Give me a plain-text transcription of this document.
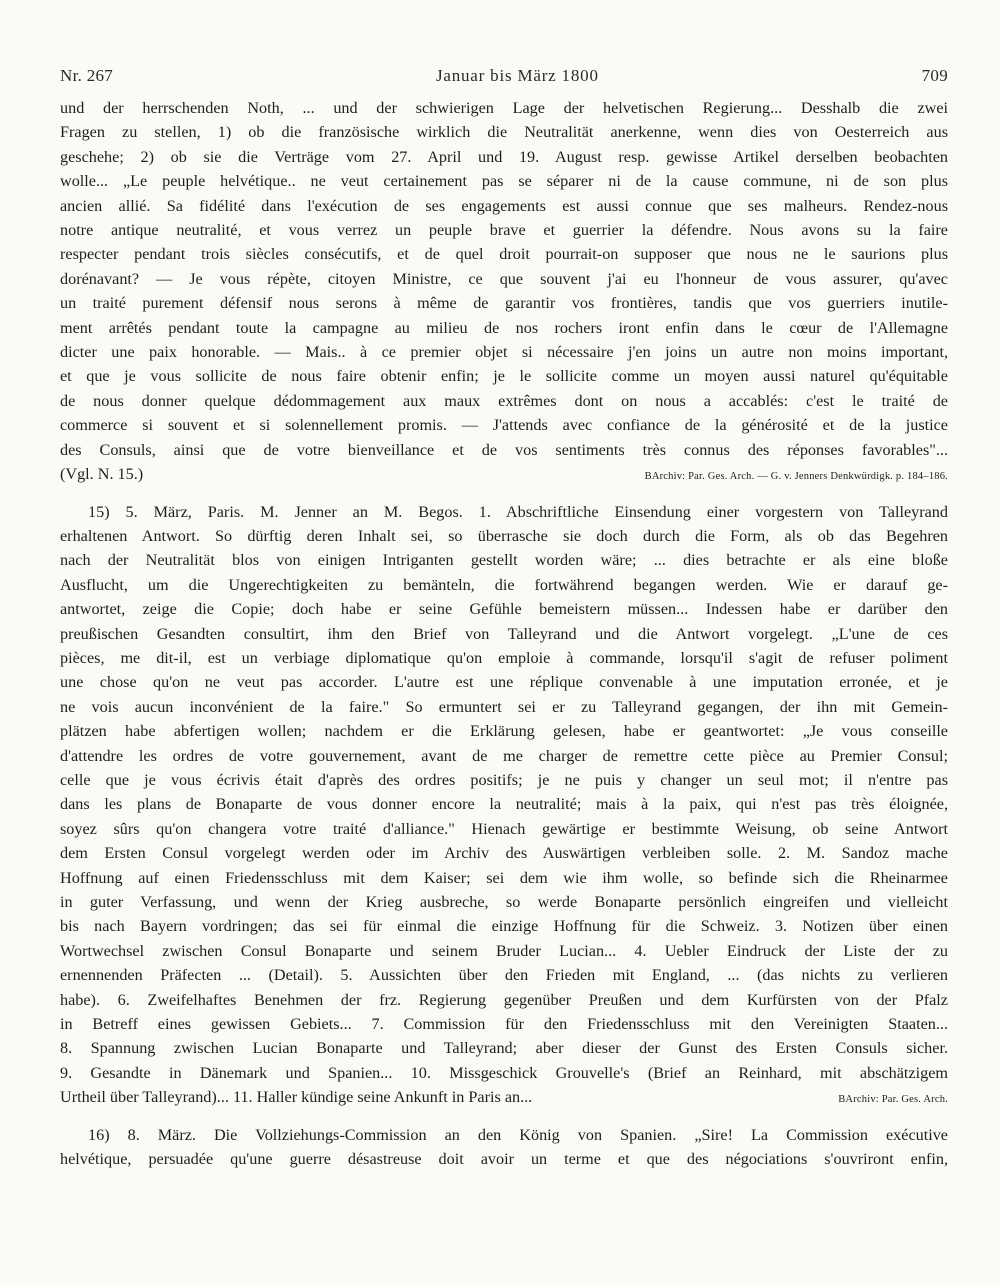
Nr. 267	Januar bis März 1800	709
und der herrschenden Noth, ... und der schwierigen Lage der helvetischen Regierung... Desshalb die zwei
Fragen zu stellen, 1) ob die französische wirklich die Neutralität anerkenne, wenn dies von Oesterreich aus
geschehe; 2) ob sie die Verträge vom 27. April und 19. August resp. gewisse Artikel derselben beobachten
wolle... „Le peuple helvétique.. ne veut certainement pas se séparer ni de la cause commune, ni de son plus
ancien allié. Sa fidélité dans l'exécution de ses engagements est aussi connue que ses malheurs. Rendez-nous
notre antique neutralité, et vous verrez un peuple brave et guerrier la défendre. Nous avons su la faire
respecter pendant trois siècles consécutifs, et de quel droit pourrait-on supposer que nous ne le saurions plus
dorénavant? — Je vous répète, citoyen Ministre, ce que souvent j'ai eu l'honneur de vous assurer, qu'avec
un traité purement défensif nous serons à même de garantir vos frontières, tandis que vos guerriers inutile-
ment arrêtés pendant toute la campagne au milieu de nos rochers iront enfin dans le cœur de l'Allemagne
dicter une paix honorable. — Mais.. à ce premier objet si nécessaire j'en joins un autre non moins important,
et que je vous sollicite de nous faire obtenir enfin; je le sollicite comme un moyen aussi naturel qu'équitable
de nous donner quelque dédommagement aux maux extrêmes dont on nous a accablés: c'est le traité de
commerce si souvent et si solennellement promis. — J'attends avec confiance de la générosité et de la justice
des Consuls, ainsi que de votre bienveillance et de vos sentiments très connus des réponses favorables"...
(Vgl. N. 15.)	BArchiv: Par. Ges. Arch. — G. v. Jenners Denkwürdigk. p. 184–186.
15) 5. März, Paris. M. Jenner an M. Begos. 1. Abschriftliche Einsendung einer vorgestern von Talleyrand
erhaltenen Antwort. So dürftig deren Inhalt sei, so überrasche sie doch durch die Form, als ob das Begehren
nach der Neutralität blos von einigen Intriganten gestellt worden wäre; ... dies betrachte er als eine bloße
Ausflucht, um die Ungerechtigkeiten zu bemänteln, die fortwährend begangen werden. Wie er darauf ge-
antwortet, zeige die Copie; doch habe er seine Gefühle bemeistern müssen... Indessen habe er darüber den
preußischen Gesandten consultirt, ihm den Brief von Talleyrand und die Antwort vorgelegt. „L'une de ces
pièces, me dit-il, est un verbiage diplomatique qu'on emploie à commande, lorsqu'il s'agit de refuser poliment
une chose qu'on ne veut pas accorder. L'autre est une réplique convenable à une imputation erronée, et je
ne vois aucun inconvénient de la faire." So ermuntert sei er zu Talleyrand gegangen, der ihn mit Gemein-
plätzen habe abfertigen wollen; nachdem er die Erklärung gelesen, habe er geantwortet: „Je vous conseille
d'attendre les ordres de votre gouvernement, avant de me charger de remettre cette pièce au Premier Consul;
celle que je vous écrivis était d'après des ordres positifs; je ne puis y changer un seul mot; il n'entre pas
dans les plans de Bonaparte de vous donner encore la neutralité; mais à la paix, qui n'est pas très éloignée,
soyez sûrs qu'on changera votre traité d'alliance." Hienach gewärtige er bestimmte Weisung, ob seine Antwort
dem Ersten Consul vorgelegt werden oder im Archiv des Auswärtigen verbleiben solle. 2. M. Sandoz mache
Hoffnung auf einen Friedensschluss mit dem Kaiser; sei dem wie ihm wolle, so befinde sich die Rheinarmee
in guter Verfassung, und wenn der Krieg ausbreche, so werde Bonaparte persönlich eingreifen und vielleicht
bis nach Bayern vordringen; das sei für einmal die einzige Hoffnung für die Schweiz. 3. Notizen über einen
Wortwechsel zwischen Consul Bonaparte und seinem Bruder Lucian... 4. Uebler Eindruck der Liste der zu
ernennenden Präfecten ... (Detail). 5. Aussichten über den Frieden mit England, ... (das nichts zu verlieren
habe). 6. Zweifelhaftes Benehmen der frz. Regierung gegenüber Preußen und dem Kurfürsten von der Pfalz
in Betreff eines gewissen Gebiets... 7. Commission für den Friedensschluss mit den Vereinigten Staaten...
8. Spannung zwischen Lucian Bonaparte und Talleyrand; aber dieser der Gunst des Ersten Consuls sicher.
9. Gesandte in Dänemark und Spanien... 10. Missgeschick Grouvelle's (Brief an Reinhard, mit abschätzigem
Urtheil über Talleyrand)... 11. Haller kündige seine Ankunft in Paris an...	BArchiv: Par. Ges. Arch.
16) 8. März. Die Vollziehungs-Commission an den König von Spanien. „Sire! La Commission exécutive
helvétique, persuadée qu'une guerre désastreuse doit avoir un terme et que des négociations s'ouvriront enfin,
